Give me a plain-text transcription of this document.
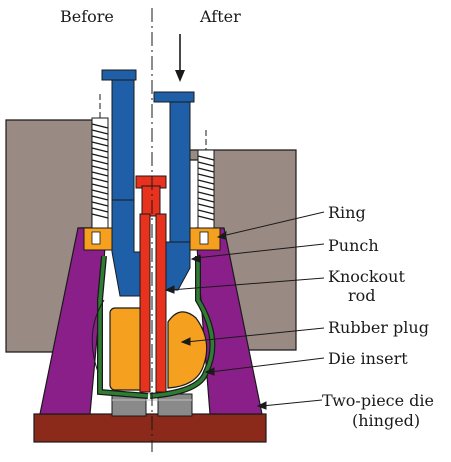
Before	After
Ring
Punch
Knockout
rod
Rubber plug
Die insert
Two-piece die
(hinged)
